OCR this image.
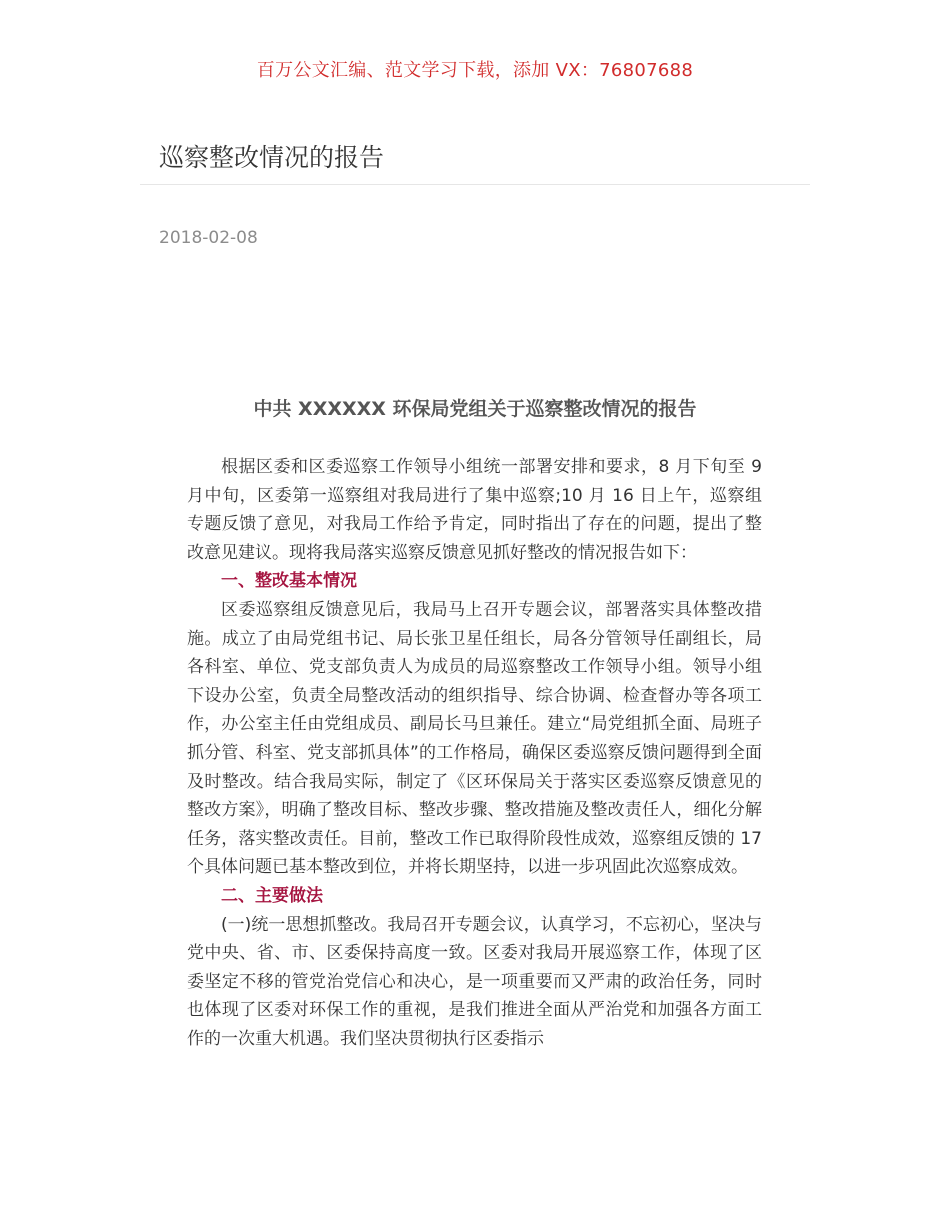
百万公文汇编、范文学习下载，添加 VX：76807688
巡察整改情况的报告
2018-02-08
中共 XXXXXX 环保局党组关于巡察整改情况的报告

根据区委和区委巡察工作领导小组统一部署安排和要求，8 月下旬至 9 月中旬，区委第一巡察组对我局进行了集中巡察;10 月 16 日上午，巡察组专题反馈了意见，对我局工作给予肯定，同时指出了存在的问题，提出了整改意见建议。现将我局落实巡察反馈意见抓好整改的情况报告如下：

一、整改基本情况

区委巡察组反馈意见后，我局马上召开专题会议，部署落实具体整改措施。成立了由局党组书记、局长张卫星任组长，局各分管领导任副组长，局各科室、单位、党支部负责人为成员的局巡察整改工作领导小组。领导小组下设办公室，负责全局整改活动的组织指导、综合协调、检查督办等各项工作，办公室主任由党组成员、副局长马旦兼任。建立“局党组抓全面、局班子抓分管、科室、党支部抓具体”的工作格局，确保区委巡察反馈问题得到全面及时整改。结合我局实际，制定了《区环保局关于落实区委巡察反馈意见的整改方案》，明确了整改目标、整改步骤、整改措施及整改责任人，细化分解任务，落实整改责任。目前，整改工作已取得阶段性成效，巡察组反馈的 17 个具体问题已基本整改到位，并将长期坚持，以进一步巩固此次巡察成效。

二、主要做法

(一)统一思想抓整改。我局召开专题会议，认真学习，不忘初心，坚决与党中央、省、市、区委保持高度一致。区委对我局开展巡察工作，体现了区委坚定不移的管党治党信心和决心，是一项重要而又严肃的政治任务，同时也体现了区委对环保工作的重视，是我们推进全面从严治党和加强各方面工作的一次重大机遇。我们坚决贯彻执行区委指示
